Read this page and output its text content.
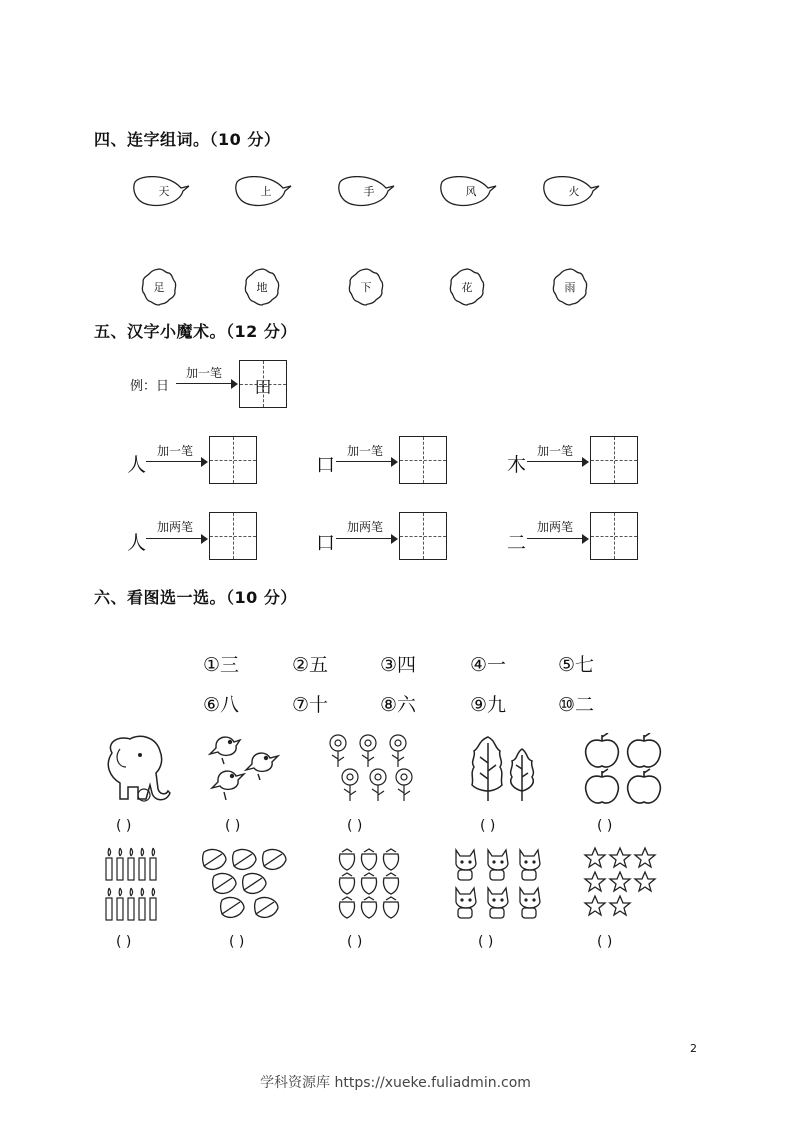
四、连字组词。（10 分）
五、汉字小魔术。（12 分）
六、看图选一选。（10 分）
天	上	手	风	火
足	地	下	花	雨
例：日
加一笔
田
人
加一笔
口
加一笔
木
加一笔
人
加两笔
口
加两笔
二
加两笔
①三	②五	③四	④一	⑤七
⑥八	⑦十	⑧六	⑨九	⑩二
( )	( )	( )	( )	( )
( )	( )	( )	( )	( )
2
学科资源库 https://xueke.fuliadmin.com
